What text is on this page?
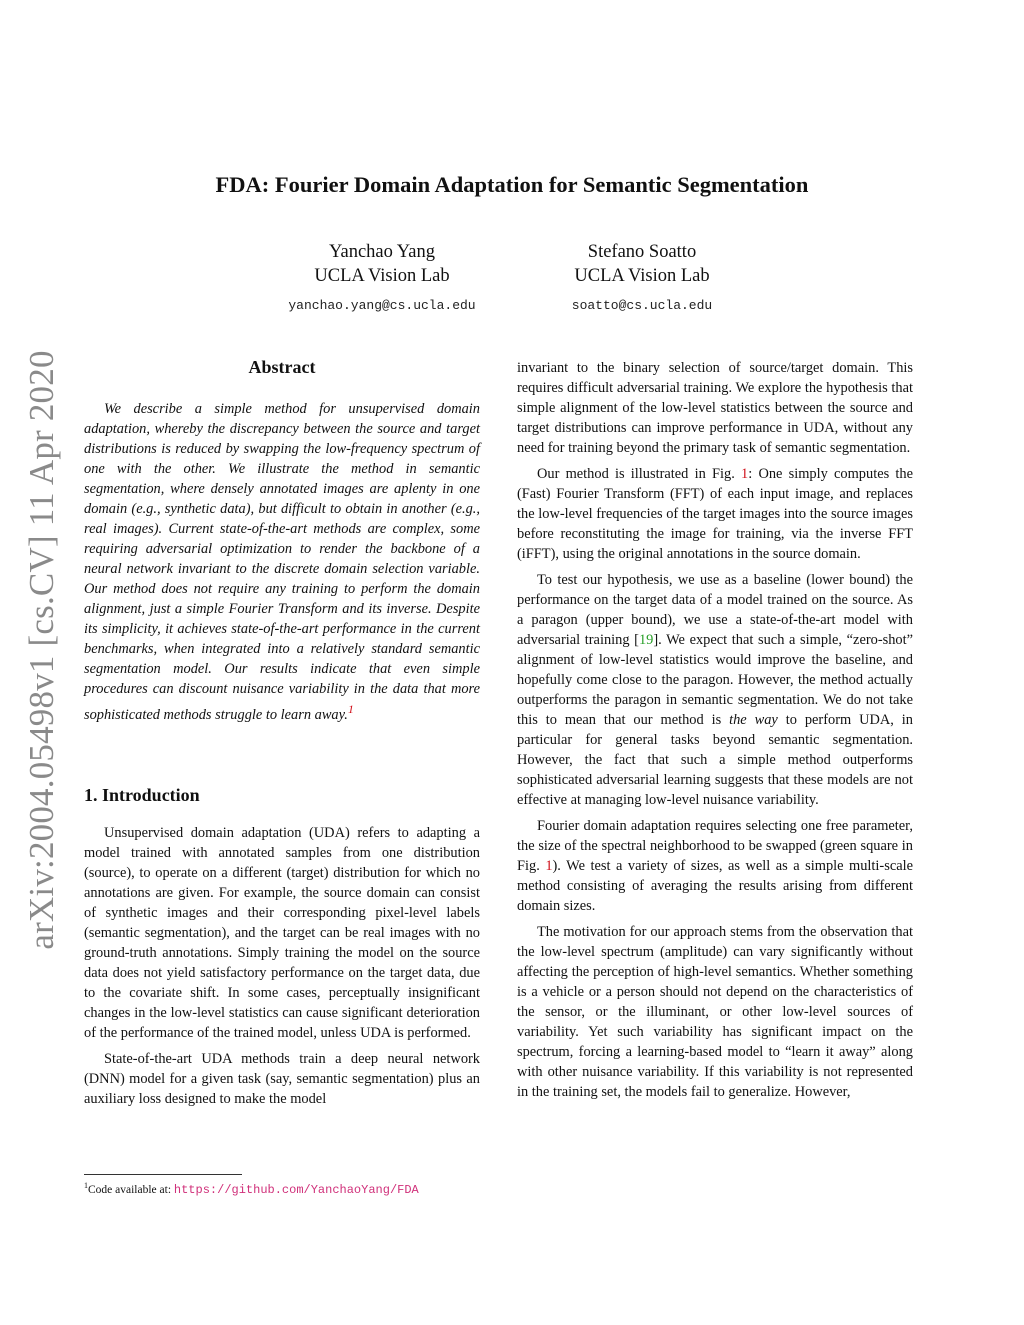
arXiv:2004.05498v1 [cs.CV] 11 Apr 2020
FDA: Fourier Domain Adaptation for Semantic Segmentation
Yanchao Yang
UCLA Vision Lab
yanchao.yang@cs.ucla.edu
Stefano Soatto
UCLA Vision Lab
soatto@cs.ucla.edu
Abstract

We describe a simple method for unsupervised domain adaptation, whereby the discrepancy between the source and target distributions is reduced by swapping the low-frequency spectrum of one with the other. We illustrate the method in semantic segmentation, where densely annotated images are aplenty in one domain (e.g., synthetic data), but difficult to obtain in another (e.g., real images). Current state-of-the-art methods are complex, some requiring adversarial optimization to render the backbone of a neural network invariant to the discrete domain selection variable. Our method does not require any training to perform the domain alignment, just a simple Fourier Transform and its inverse. Despite its simplicity, it achieves state-of-the-art performance in the current benchmarks, when integrated into a relatively standard semantic segmentation model. Our results indicate that even simple procedures can discount nuisance variability in the data that more sophisticated methods struggle to learn away.$^1$

1. Introduction

Unsupervised domain adaptation (UDA) refers to adapting a model trained with annotated samples from one distribution (source), to operate on a different (target) distribution for which no annotations are given. For example, the source domain can consist of synthetic images and their corresponding pixel-level labels (semantic segmentation), and the target can be real images with no ground-truth annotations. Simply training the model on the source data does not yield satisfactory performance on the target data, due to the covariate shift. In some cases, perceptually insignificant changes in the low-level statistics can cause significant deterioration of the performance of the trained model, unless UDA is performed.

State-of-the-art UDA methods train a deep neural network (DNN) model for a given task (say, semantic segmentation) plus an auxiliary loss designed to make the model

$^1$Code available at: https://github.com/YanchaoYang/FDA

invariant to the binary selection of source/target domain. This requires difficult adversarial training. We explore the hypothesis that simple alignment of the low-level statistics between the source and target distributions can improve performance in UDA, without any need for training beyond the primary task of semantic segmentation.

Our method is illustrated in Fig. 1: One simply computes the (Fast) Fourier Transform (FFT) of each input image, and replaces the low-level frequencies of the target images into the source images before reconstituting the image for training, via the inverse FFT (iFFT), using the original annotations in the source domain.

To test our hypothesis, we use as a baseline (lower bound) the performance on the target data of a model trained on the source. As a paragon (upper bound), we use a state-of-the-art model with adversarial training [19]. We expect that such a simple, “zero-shot” alignment of low-level statistics would improve the baseline, and hopefully come close to the paragon. However, the method actually outperforms the paragon in semantic segmentation. We do not take this to mean that our method is the way to perform UDA, in particular for general tasks beyond semantic segmentation. However, the fact that such a simple method outperforms sophisticated adversarial learning suggests that these models are not effective at managing low-level nuisance variability.

Fourier domain adaptation requires selecting one free parameter, the size of the spectral neighborhood to be swapped (green square in Fig. 1). We test a variety of sizes, as well as a simple multi-scale method consisting of averaging the results arising from different domain sizes.

The motivation for our approach stems from the observation that the low-level spectrum (amplitude) can vary significantly without affecting the perception of high-level semantics. Whether something is a vehicle or a person should not depend on the characteristics of the sensor, or the illuminant, or other low-level sources of variability. Yet such variability has significant impact on the spectrum, forcing a learning-based model to “learn it away” along with other nuisance variability. If this variability is not represented in the training set, the models fail to generalize. However,
